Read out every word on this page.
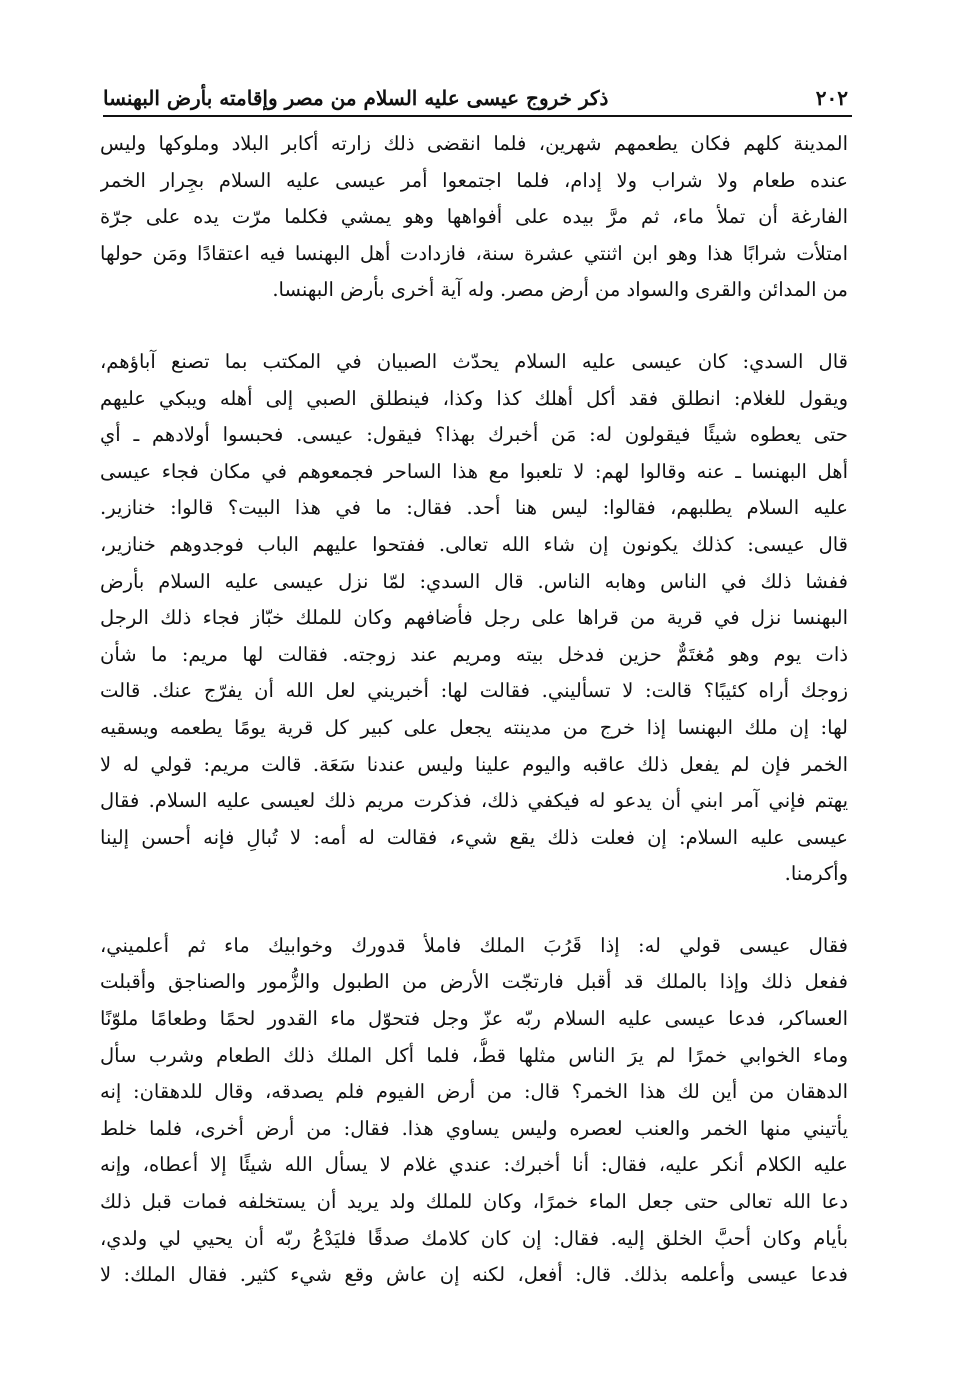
٢٠٢
ذكر خروج عيسى عليه السلام من مصر وإقامته بأرض البهنسا
المدينة كلهم فكان يطعمهم شهرين، فلما انقضى ذلك زارته أكابر البلاد وملوكها وليس
عنده طعام ولا شراب ولا إدام، فلما اجتمعوا أمر عيسى عليه السلام بجِرار الخمر
الفارغة أن تملأ ماء، ثم مرَّ بيده على أفواهها وهو يمشي فكلما مرّت يده على جرّة
امتلأت شرابًا هذا وهو ابن اثنتي عشرة سنة، فازدادت أهل البهنسا فيه اعتقادًا ومَن حولها
من المدائن والقرى والسواد من أرض مصر. وله آية أخرى بأرض البهنسا.
قال السدي: كان عيسى عليه السلام يحدّث الصبيان في المكتب بما تصنع آباؤهم،
ويقول للغلام: انطلق فقد أكل أهلك كذا وكذا، فينطلق الصبي إلى أهله ويبكي عليهم
حتى يعطوه شيئًا فيقولون له: مَن أخبرك بهذا؟ فيقول: عيسى. فحبسوا أولادهم ـ أي
أهل البهنسا ـ عنه وقالوا لهم: لا تلعبوا مع هذا الساحر فجمعوهم في مكان فجاء عيسى
عليه السلام يطلبهم، فقالوا: ليس هنا أحد. فقال: ما في هذا البيت؟ قالوا: خنازير.
قال عيسى: كذلك يكونون إن شاء الله تعالى. ففتحوا عليهم الباب فوجدوهم خنازير،
ففشا ذلك في الناس وهابه الناس. قال السدي: لمّا نزل عيسى عليه السلام بأرض
البهنسا نزل في قرية من قراها على رجل فأضافهم وكان للملك خبّاز فجاء ذلك الرجل
ذات يوم وهو مُغتَمٌّ حزين فدخل بيته ومريم عند زوجته. فقالت لها مريم: ما شأن
زوجك أراه كئيبًا؟ قالت: لا تسأليني. فقالت لها: أخبريني لعل الله أن يفرّج عنك. قالت
لها: إن ملك البهنسا إذا خرج من مدينته يجعل على كبير كل قرية يومًا يطعمه ويسقيه
الخمر فإن لم يفعل ذلك عاقبه واليوم علينا وليس عندنا سَعَة. قالت مريم: قولي له لا
يهتم فإني آمر ابني أن يدعو له فيكفي ذلك، فذكرت مريم ذلك لعيسى عليه السلام. فقال
عيسى عليه السلام: إن فعلت ذلك يقع شيء، فقالت له أمه: لا تُبالِ فإنه أحسن إلينا
وأكرمنا.
فقال عيسى قولي له: إذا قَرُبَ الملك فاملأ قدورك وخوابيك ماء ثم أعلميني،
ففعل ذلك وإذا بالملك قد أقبل فارتجّت الأرض من الطبول والزُّمور والصناجق وأقبلت
العساكر، فدعا عيسى عليه السلام ربّه عزّ وجل فتحوّل ماء القدور لحمًا وطعامًا ملوّنًا
وماء الخوابي خمرًا لم يرَ الناس مثلها قطُّ، فلما أكل الملك ذلك الطعام وشرب سأل
الدهقان من أين لك هذا الخمر؟ قال: من أرض الفيوم فلم يصدقه، وقال للدهقان: إنه
يأتيني منها الخمر والعنب لعصره وليس يساوي هذا. فقال: من أرض أخرى، فلما خلط
عليه الكلام أنكر عليه، فقال: أنا أخبرك: عندي غلام لا يسأل الله شيئًا إلا أعطاه، وإنه
دعا الله تعالى حتى جعل الماء خمرًا، وكان للملك ولد يريد أن يستخلفه فمات قبل ذلك
بأيام وكان أحبَّ الخلق إليه. فقال: إن كان كلامك صدقًا فليَدْعُ ربّه أن يحيي لي ولدي،
فدعا عيسى وأعلمه بذلك. قال: أفعل، لكنه إن عاش وقع شيء كثير. فقال الملك: لا
